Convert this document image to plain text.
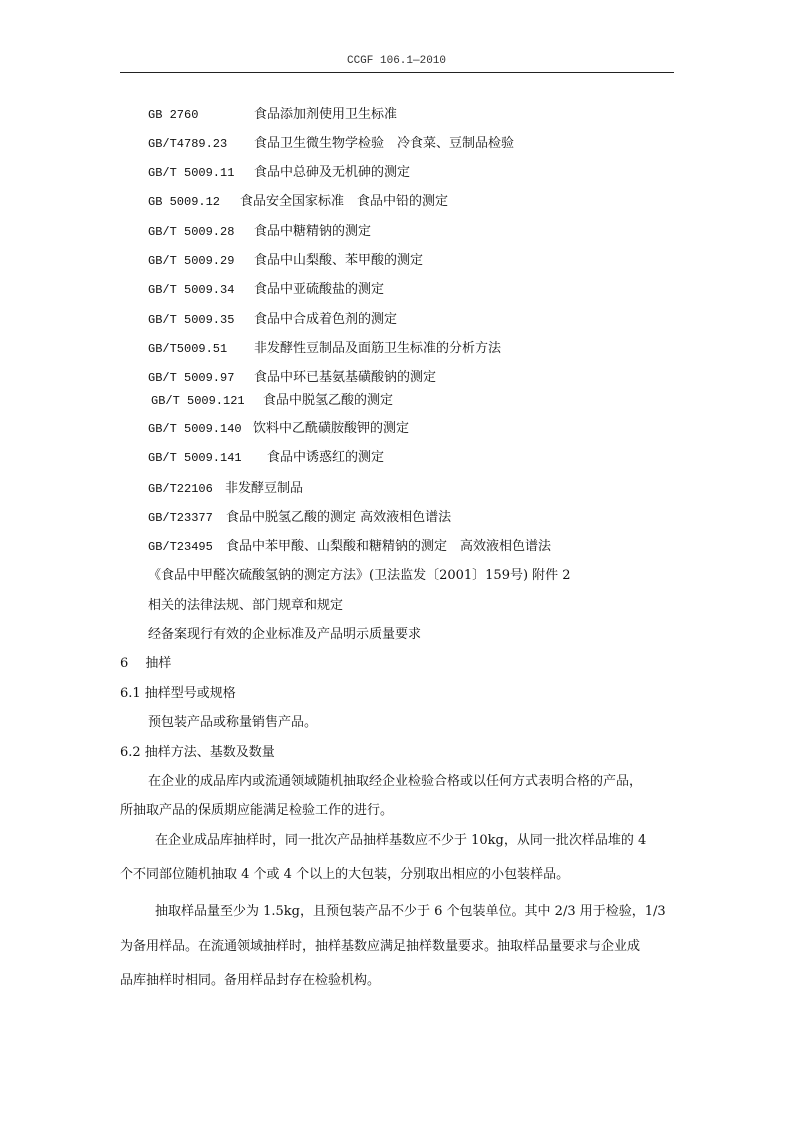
CCGF 106.1—2010
GB 2760	食品添加剂使用卫生标准
GB/T4789.23 食品卫生微生物学检验　冷食菜、豆制品检验
GB/T 5009.11 食品中总砷及无机砷的测定
GB 5009.12 食品安全国家标准　食品中铅的测定
GB/T 5009.28 食品中糖精钠的测定
GB/T 5009.29 食品中山梨酸、苯甲酸的测定
GB/T 5009.34 食品中亚硫酸盐的测定
GB/T 5009.35 食品中合成着色剂的测定
GB/T5009.51 非发酵性豆制品及面筋卫生标准的分析方法
GB/T 5009.97 食品中环已基氨基磺酸钠的测定
GB/T 5009.121 食品中脱氢乙酸的测定
GB/T 5009.140 饮料中乙酰磺胺酸钾的测定
GB/T 5009.141 食品中诱惑红的测定
GB/T22106 非发酵豆制品
GB/T23377 食品中脱氢乙酸的测定 高效液相色谱法
GB/T23495 食品中苯甲酸、山梨酸和糖精钠的测定　高效液相色谱法
《食品中甲醛次硫酸氢钠的测定方法》(卫法监发〔2001〕159号) 附件 2
相关的法律法规、部门规章和规定
经备案现行有效的企业标准及产品明示质量要求
6　 抽样
6.1 抽样型号或规格
预包装产品或称量销售产品。
6.2 抽样方法、基数及数量
在企业的成品库内或流通领域随机抽取经企业检验合格或以任何方式表明合格的产品，
所抽取产品的保质期应能满足检验工作的进行。
在企业成品库抽样时，同一批次产品抽样基数应不少于 10kg，从同一批次样品堆的 4
个不同部位随机抽取 4 个或 4 个以上的大包装，分别取出相应的小包装样品。
抽取样品量至少为 1.5kg，且预包装产品不少于 6 个包装单位。其中 2/3 用于检验，1/3
为备用样品。在流通领域抽样时，抽样基数应满足抽样数量要求。抽取样品量要求与企业成
品库抽样时相同。备用样品封存在检验机构。
